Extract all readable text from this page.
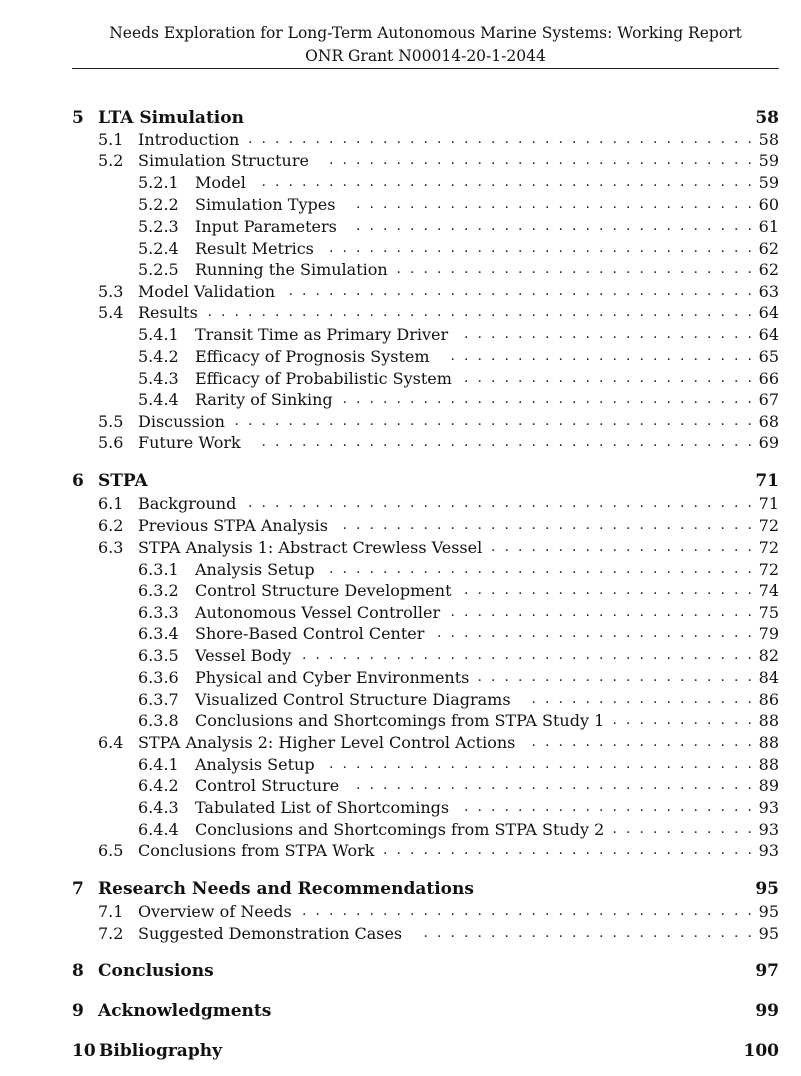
Needs Exploration for Long-Term Autonomous Marine Systems: Working Report
ONR Grant N00014-20-1-2044
5 LTA Simulation	58
5.1 Introduction	58
......................................
5.2 Simulation Structure	59
................................
5.2.1 Model	59
.....................................
5.2.2 Simulation Types	60
..............................
5.2.3 Input Parameters	61
..............................
5.2.4 Result Metrics	62
................................
5.2.5 Running the Simulation	62
...........................
5.3 Model Validation	63
...................................
5.4 Results	64
.........................................
5.4.1 Transit Time as Primary Driver	64
......................
5.4.2 Efficacy of Prognosis System	65
.......................
5.4.3 Efficacy of Probabilistic System	66
......................
5.4.4 Rarity of Sinking	67
...............................
5.5 Discussion	68
.......................................
5.6 Future Work	69
.....................................
6 STPA	71
6.1 Background	71
......................................
6.2 Previous STPA Analysis	72
...............................
6.3 STPA Analysis 1: Abstract Crewless Vessel	72
....................
6.3.1 Analysis Setup	72
................................
6.3.2 Control Structure Development	74
......................
6.3.3 Autonomous Vessel Controller	75
.......................
6.3.4 Shore-Based Control Center	79
........................
6.3.5 Vessel Body	82
..................................
6.3.6 Physical and Cyber Environments	84
.....................
6.3.7 Visualized Control Structure Diagrams	86
.................
6.3.8 Conclusions and Shortcomings from STPA Study 1	88
...........
6.4 STPA Analysis 2: Higher Level Control Actions	88
.................
6.4.1 Analysis Setup	88
................................
6.4.2 Control Structure	89
..............................
6.4.3 Tabulated List of Shortcomings	93
......................
6.4.4 Conclusions and Shortcomings from STPA Study 2	93
...........
6.5 Conclusions from STPA Work	93
............................
7 Research Needs and Recommendations	95
7.1 Overview of Needs	95
..................................
7.2 Suggested Demonstration Cases	95
.........................
8 Conclusions	97
9 Acknowledgments	99
10 Bibliography	100
